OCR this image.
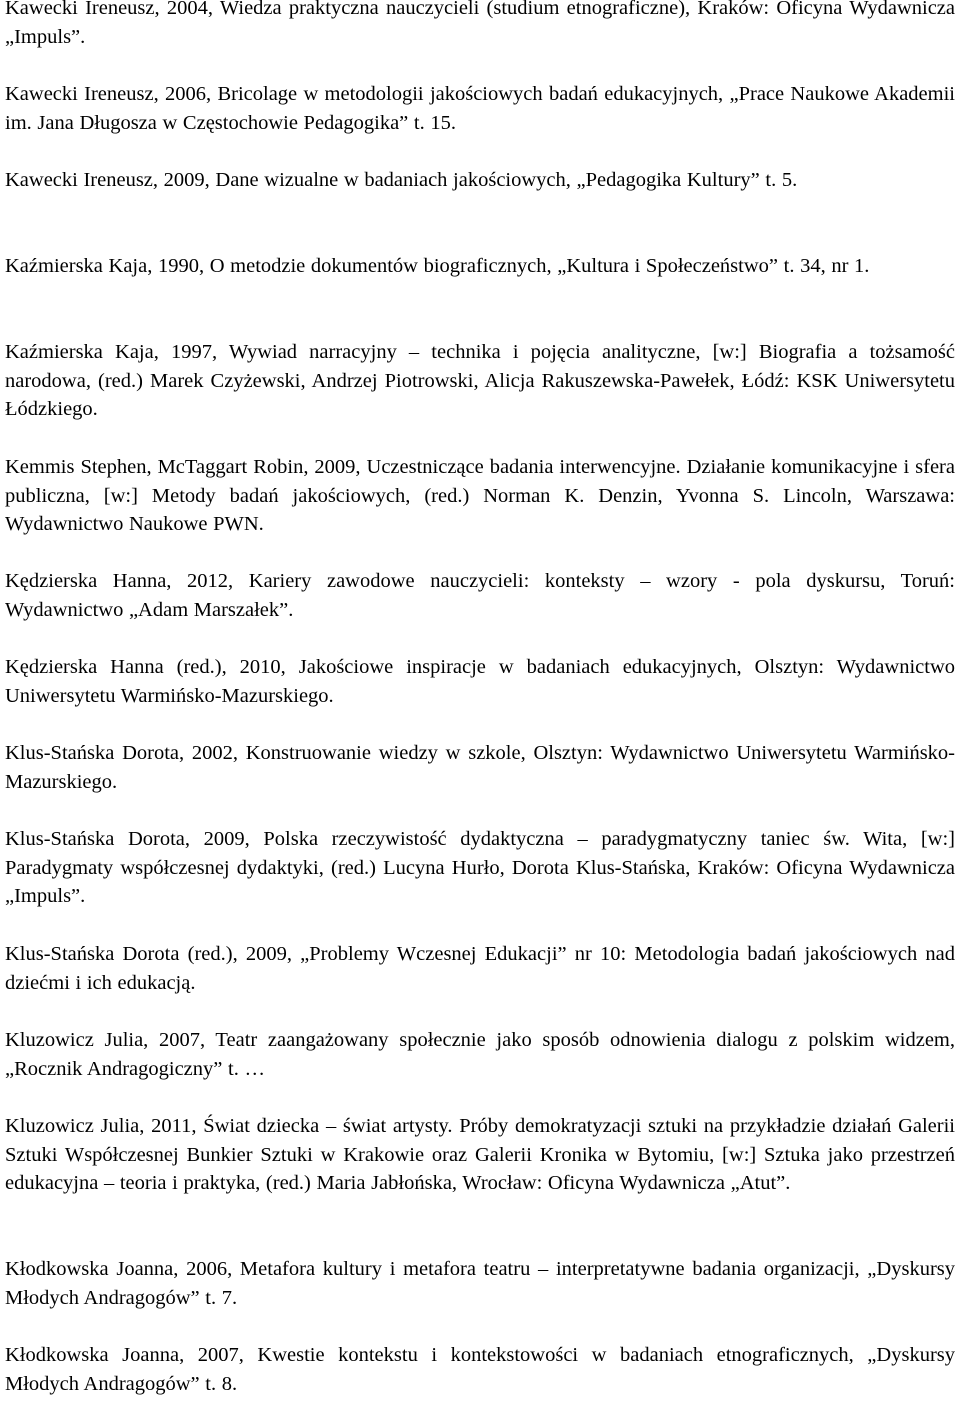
Kawecki Ireneusz, 2004, Wiedza praktyczna nauczycieli (studium etnograficzne), Kraków: Oficyna Wydawnicza „Impuls”.

Kawecki Ireneusz, 2006, Bricolage w metodologii jakościowych badań edukacyjnych, „Prace Naukowe Akademii im. Jana Długosza w Częstochowie Pedagogika” t. 15.

Kawecki Ireneusz, 2009, Dane wizualne w badaniach jakościowych, „Pedagogika Kultury” t. 5.

Kaźmierska Kaja, 1990, O metodzie dokumentów biograficznych, „Kultura i Społeczeństwo” t. 34, nr 1.

Kaźmierska Kaja, 1997, Wywiad narracyjny – technika i pojęcia analityczne, [w:] Biografia a tożsamość narodowa, (red.) Marek Czyżewski, Andrzej Piotrowski, Alicja Rakuszewska-Pawełek, Łódź: KSK Uniwersytetu Łódzkiego.

Kemmis Stephen, McTaggart Robin, 2009, Uczestniczące badania interwencyjne. Działanie komunikacyjne i sfera publiczna, [w:] Metody badań jakościowych, (red.) Norman K. Denzin, Yvonna S. Lincoln, Warszawa: Wydawnictwo Naukowe PWN.

Kędzierska Hanna, 2012, Kariery zawodowe nauczycieli: konteksty – wzory - pola dyskursu, Toruń: Wydawnictwo „Adam Marszałek”.

Kędzierska Hanna (red.), 2010, Jakościowe inspiracje w badaniach edukacyjnych, Olsztyn: Wydawnictwo Uniwersytetu Warmińsko-Mazurskiego.

Klus-Stańska Dorota, 2002, Konstruowanie wiedzy w szkole, Olsztyn: Wydawnictwo Uniwersytetu Warmińsko-Mazurskiego.

Klus-Stańska Dorota, 2009, Polska rzeczywistość dydaktyczna – paradygmatyczny taniec św. Wita, [w:] Paradygmaty współczesnej dydaktyki, (red.) Lucyna Hurło, Dorota Klus-Stańska, Kraków: Oficyna Wydawnicza „Impuls”.

Klus-Stańska Dorota (red.), 2009, „Problemy Wczesnej Edukacji” nr 10: Metodologia badań jakościowych nad dziećmi i ich edukacją.

Kluzowicz Julia, 2007, Teatr zaangażowany społecznie jako sposób odnowienia dialogu z polskim widzem, „Rocznik Andragogiczny” t. …

Kluzowicz Julia, 2011, Świat dziecka – świat artysty. Próby demokratyzacji sztuki na przykładzie działań Galerii Sztuki Współczesnej Bunkier Sztuki w Krakowie oraz Galerii Kronika w Bytomiu, [w:] Sztuka jako przestrzeń edukacyjna – teoria i praktyka, (red.) Maria Jabłońska, Wrocław: Oficyna Wydawnicza „Atut”.

Kłodkowska Joanna, 2006, Metafora kultury i metafora teatru – interpretatywne badania organizacji, „Dyskursy Młodych Andragogów” t. 7.

Kłodkowska Joanna, 2007, Kwestie kontekstu i kontekstowości w badaniach etnograficznych, „Dyskursy Młodych Andragogów” t. 8.
